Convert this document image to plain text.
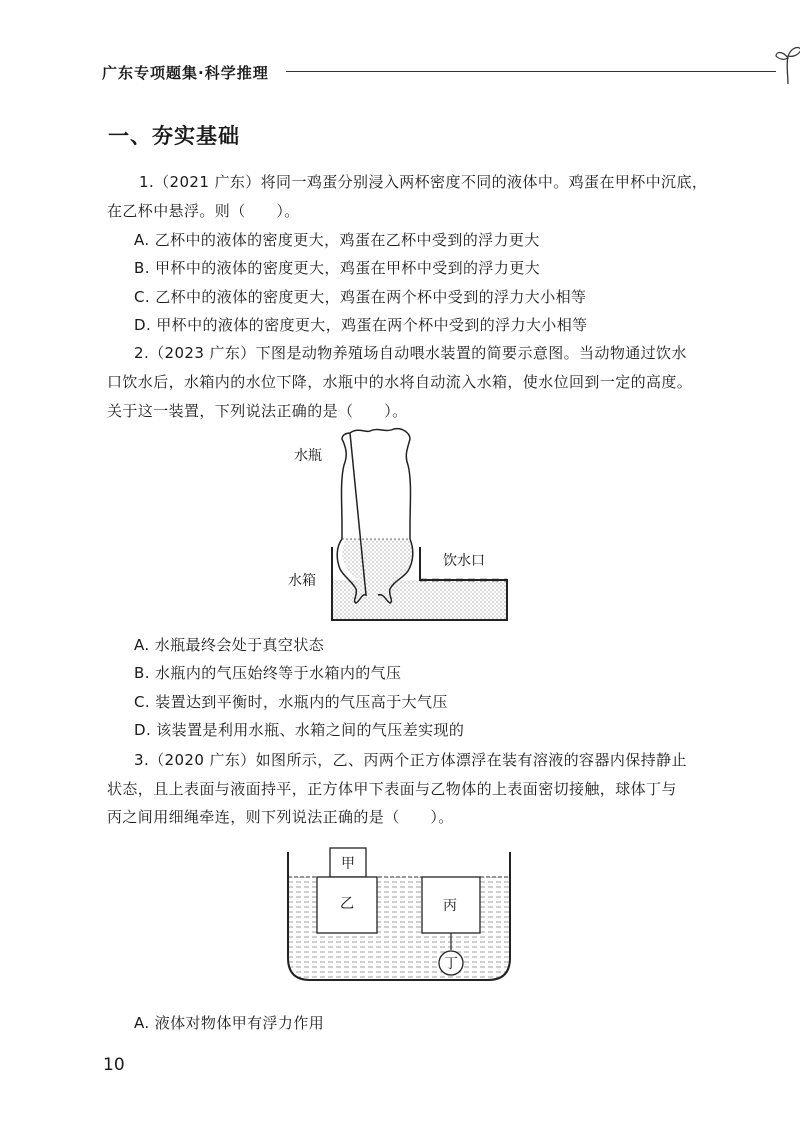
广东专项题集·科学推理
一、夯实基础
1.（2021 广东）将同一鸡蛋分别浸入两杯密度不同的液体中。鸡蛋在甲杯中沉底，
在乙杯中悬浮。则（　　）。
A. 乙杯中的液体的密度更大，鸡蛋在乙杯中受到的浮力更大
B. 甲杯中的液体的密度更大，鸡蛋在甲杯中受到的浮力更大
C. 乙杯中的液体的密度更大，鸡蛋在两个杯中受到的浮力大小相等
D. 甲杯中的液体的密度更大，鸡蛋在两个杯中受到的浮力大小相等
2.（2023 广东）下图是动物养殖场自动喂水装置的简要示意图。当动物通过饮水
口饮水后，水箱内的水位下降，水瓶中的水将自动流入水箱，使水位回到一定的高度。
关于这一装置，下列说法正确的是（　　）。
水瓶
水箱
饮水口
A. 水瓶最终会处于真空状态
B. 水瓶内的气压始终等于水箱内的气压
C. 装置达到平衡时，水瓶内的气压高于大气压
D. 该装置是利用水瓶、水箱之间的气压差实现的
3.（2020 广东）如图所示，乙、丙两个正方体漂浮在装有溶液的容器内保持静止
状态，且上表面与液面持平，正方体甲下表面与乙物体的上表面密切接触，球体丁与
丙之间用细绳牵连，则下列说法正确的是（　　）。
甲
乙	丙
丁
A. 液体对物体甲有浮力作用
10
